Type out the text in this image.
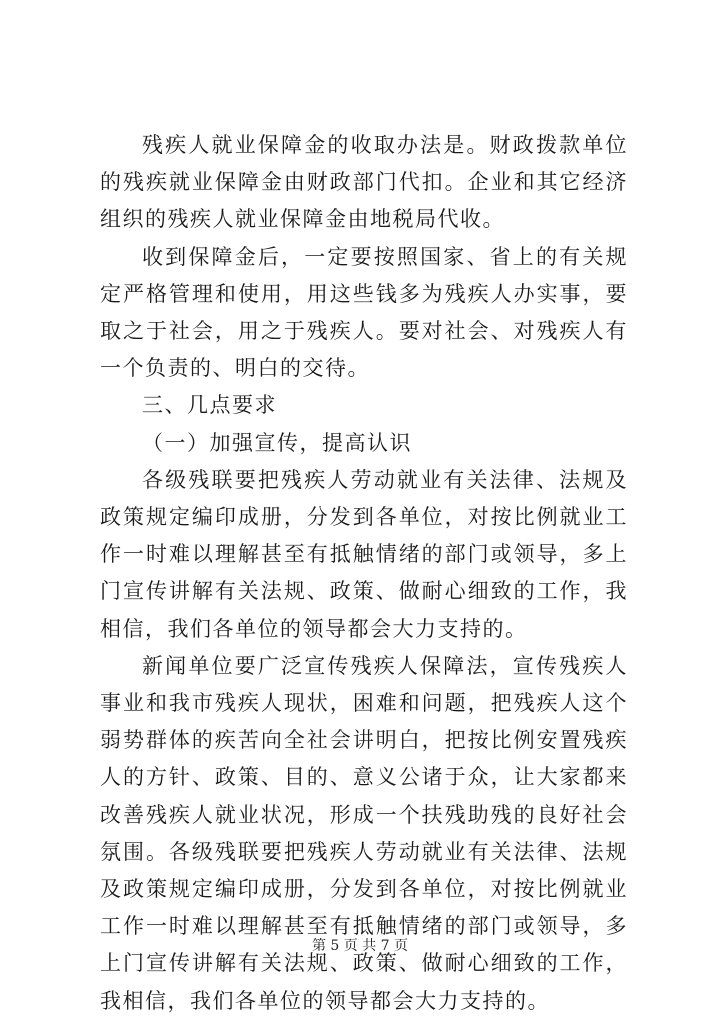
残疾人就业保障金的收取办法是。财政拨款单位的残疾就业保障金由财政部门代扣。企业和其它经济组织的残疾人就业保障金由地税局代收。

收到保障金后，一定要按照国家、省上的有关规定严格管理和使用，用这些钱多为残疾人办实事，要取之于社会，用之于残疾人。要对社会、对残疾人有一个负责的、明白的交待。

三、几点要求

（一）加强宣传，提高认识

各级残联要把残疾人劳动就业有关法律、法规及政策规定编印成册，分发到各单位，对按比例就业工作一时难以理解甚至有抵触情绪的部门或领导，多上门宣传讲解有关法规、政策、做耐心细致的工作，我相信，我们各单位的领导都会大力支持的。

新闻单位要广泛宣传残疾人保障法，宣传残疾人事业和我市残疾人现状，困难和问题，把残疾人这个弱势群体的疾苦向全社会讲明白，把按比例安置残疾人的方针、政策、目的、意义公诸于众，让大家都来改善残疾人就业状况，形成一个扶残助残的良好社会氛围。各级残联要把残疾人劳动就业有关法律、法规及政策规定编印成册，分发到各单位，对按比例就业工作一时难以理解甚至有抵触情绪的部门或领导，多上门宣传讲解有关法规、政策、做耐心细致的工作，我相信，我们各单位的领导都会大力支持的。

第 5 页 共 7 页
